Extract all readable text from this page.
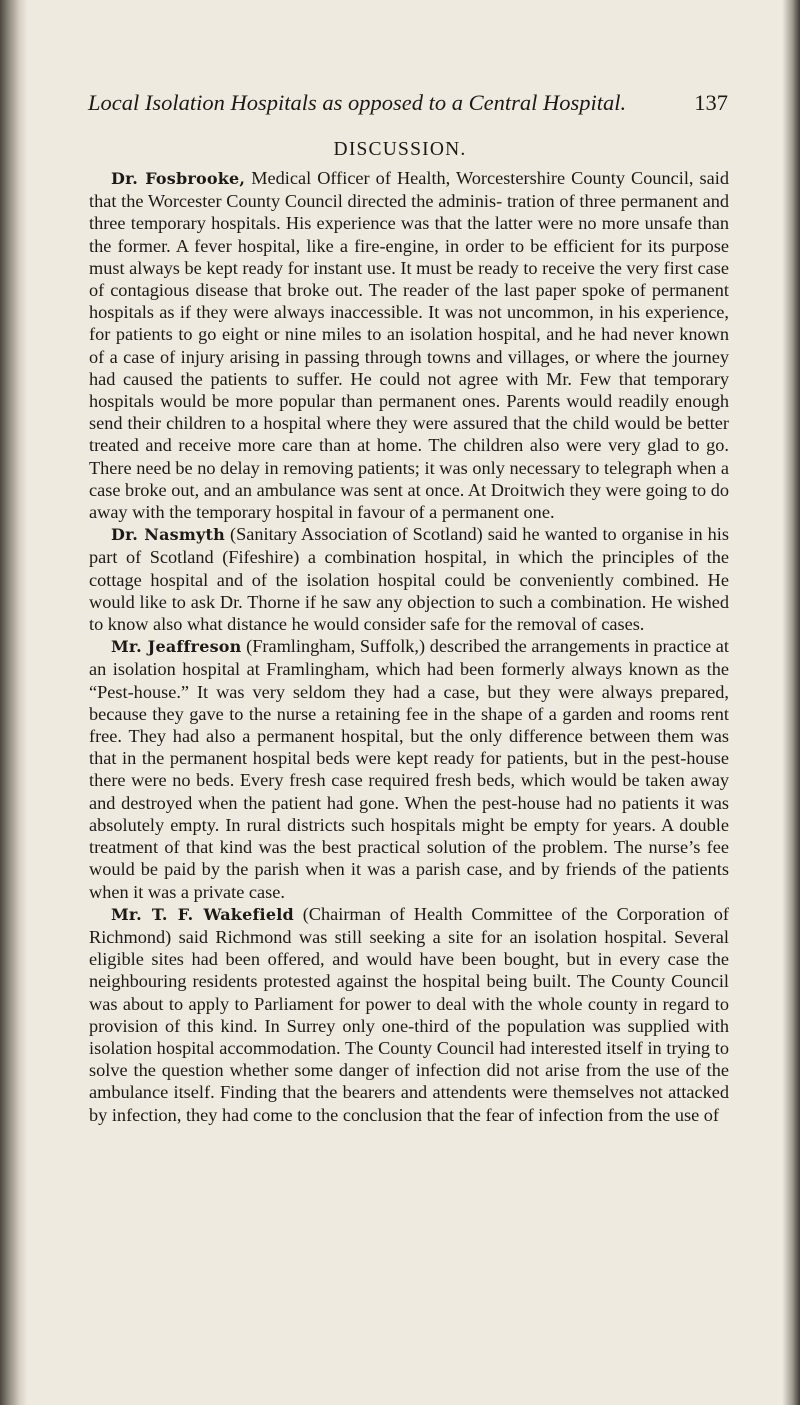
Local Isolation Hospitals as opposed to a Central Hospital.	137
DISCUSSION.

Dr. Fosbrooke, Medical Officer of Health, Worcestershire County Council, said that the Worcester County Council directed the adminis- tration of three permanent and three temporary hospitals. His experience was that the latter were no more unsafe than the former. A fever hospital, like a fire-engine, in order to be efficient for its purpose must always be kept ready for instant use. It must be ready to receive the very first case of contagious disease that broke out. The reader of the last paper spoke of permanent hospitals as if they were always inaccessible. It was not uncommon, in his experience, for patients to go eight or nine miles to an isolation hospital, and he had never known of a case of injury arising in passing through towns and villages, or where the journey had caused the patients to suffer. He could not agree with Mr. Few that temporary hospitals would be more popular than permanent ones. Parents would readily enough send their children to a hospital where they were assured that the child would be better treated and receive more care than at home. The children also were very glad to go. There need be no delay in removing patients; it was only necessary to telegraph when a case broke out, and an ambulance was sent at once. At Droitwich they were going to do away with the temporary hospital in favour of a permanent one.

Dr. Nasmyth (Sanitary Association of Scotland) said he wanted to organise in his part of Scotland (Fifeshire) a combination hospital, in which the principles of the cottage hospital and of the isolation hospital could be conveniently combined. He would like to ask Dr. Thorne if he saw any objection to such a combination. He wished to know also what distance he would consider safe for the removal of cases.

Mr. Jeaffreson (Framlingham, Suffolk,) described the arrangements in practice at an isolation hospital at Framlingham, which had been formerly always known as the “Pest-house.” It was very seldom they had a case, but they were always prepared, because they gave to the nurse a retaining fee in the shape of a garden and rooms rent free. They had also a permanent hospital, but the only difference between them was that in the permanent hospital beds were kept ready for patients, but in the pest-house there were no beds. Every fresh case required fresh beds, which would be taken away and destroyed when the patient had gone. When the pest-house had no patients it was absolutely empty. In rural districts such hospitals might be empty for years. A double treatment of that kind was the best practical solution of the problem. The nurse’s fee would be paid by the parish when it was a parish case, and by friends of the patients when it was a private case.

Mr. T. F. Wakefield (Chairman of Health Committee of the Corporation of Richmond) said Richmond was still seeking a site for an isolation hospital. Several eligible sites had been offered, and would have been bought, but in every case the neighbouring residents protested against the hospital being built. The County Council was about to apply to Parliament for power to deal with the whole county in regard to provision of this kind. In Surrey only one-third of the population was supplied with isolation hospital accommodation. The County Council had interested itself in trying to solve the question whether some danger of infection did not arise from the use of the ambulance itself. Finding that the bearers and attendents were themselves not attacked by infection, they had come to the conclusion that the fear of infection from the use of
